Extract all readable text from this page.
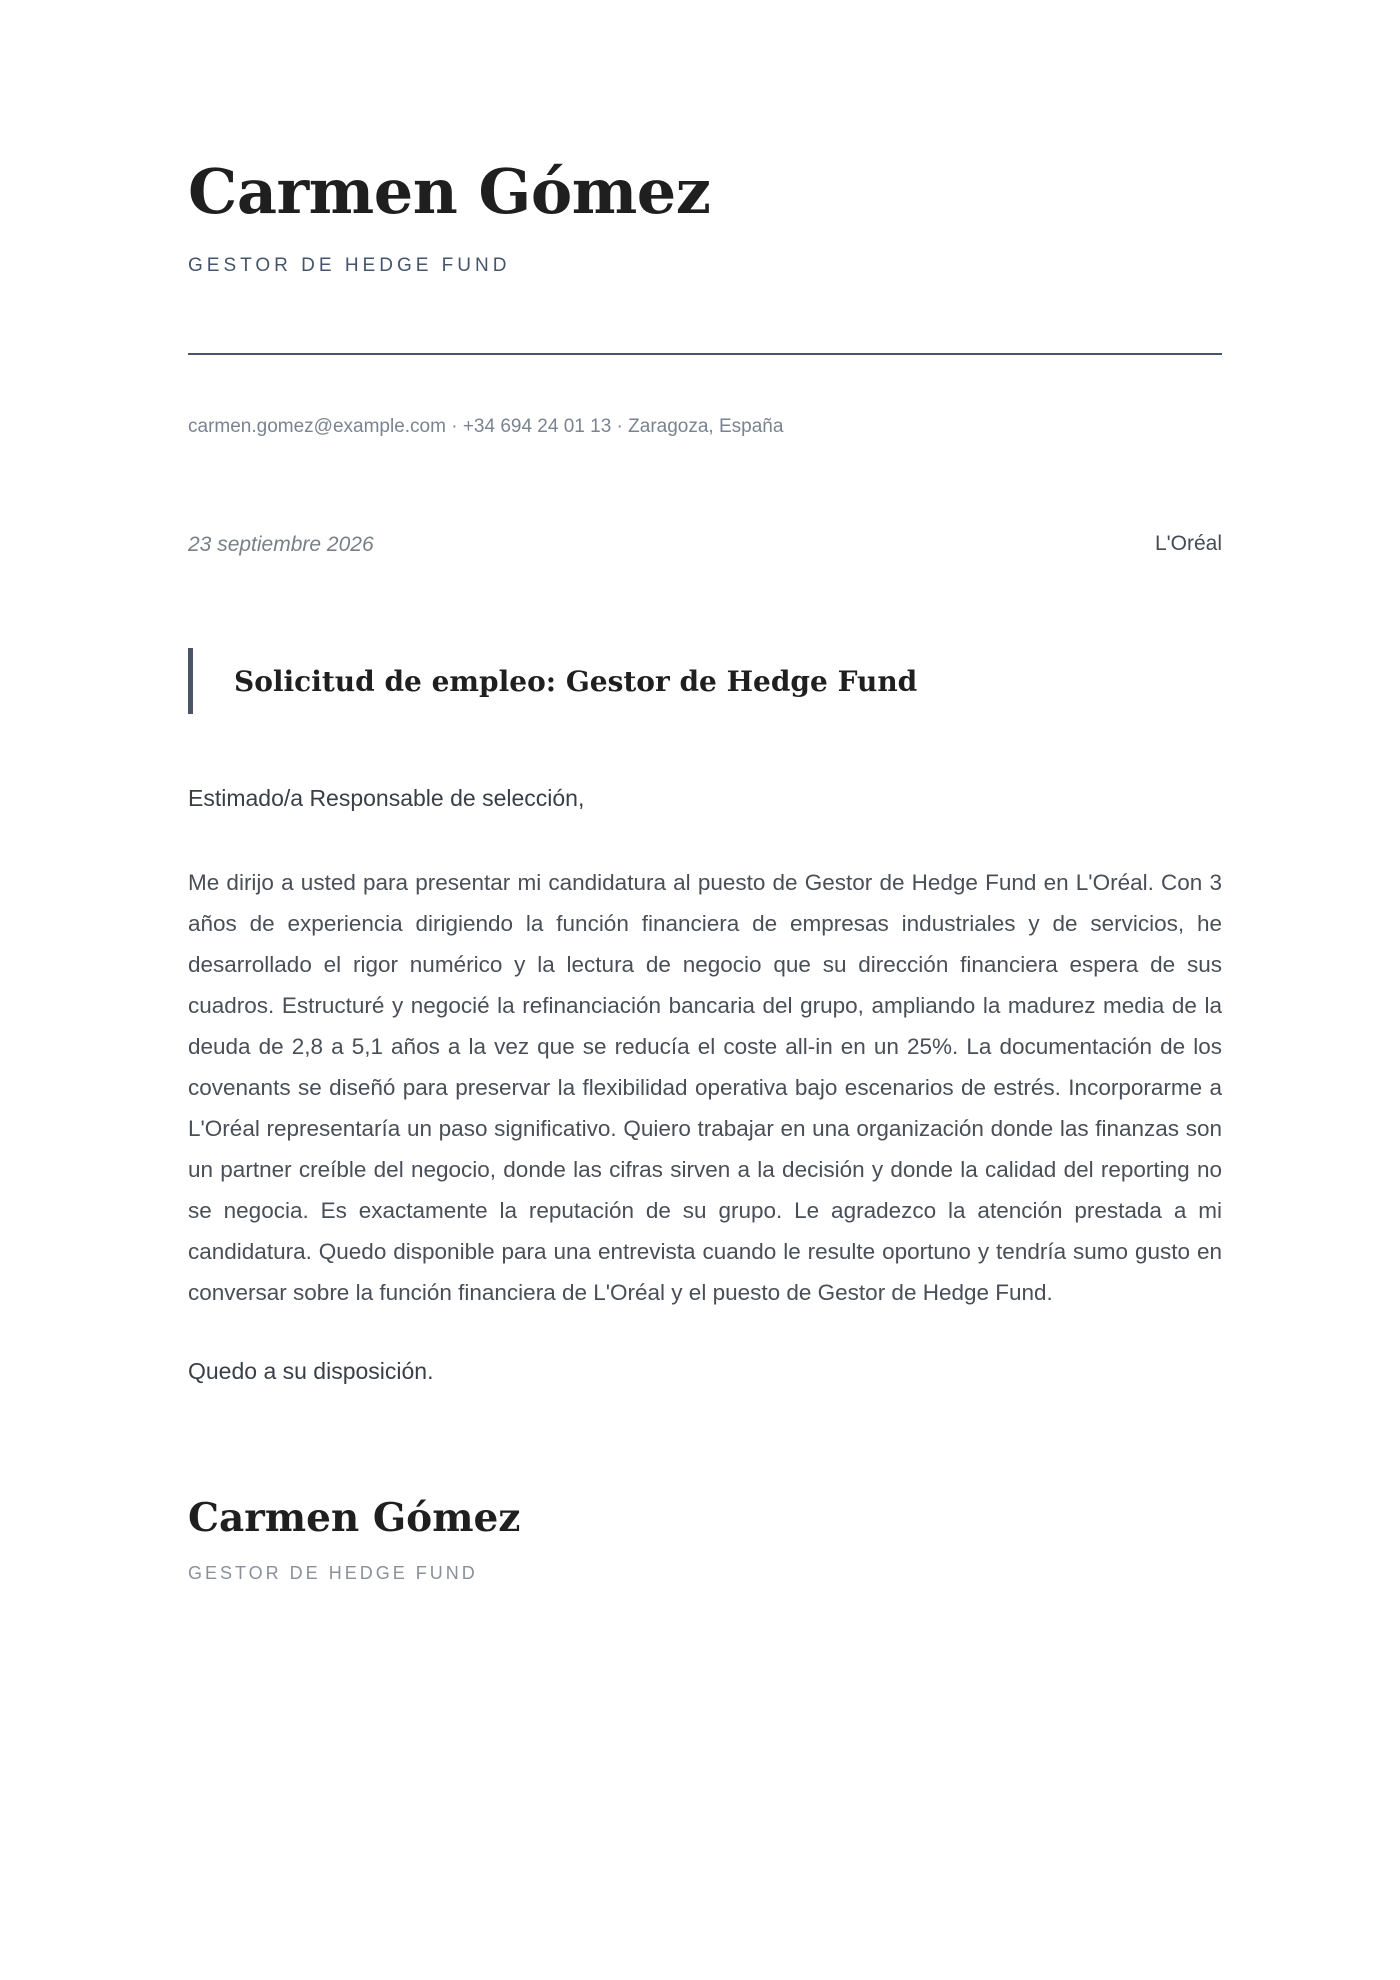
Carmen Gómez
GESTOR DE HEDGE FUND
carmen.gomez@example.com · +34 694 24 01 13 · Zaragoza, España
23 septiembre 2026	L'Oréal
Solicitud de empleo: Gestor de Hedge Fund

Estimado/a Responsable de selección,

Me dirijo a usted para presentar mi candidatura al puesto de Gestor de Hedge Fund en L'Oréal. Con 3 años de experiencia dirigiendo la función financiera de empresas industriales y de servicios, he desarrollado el rigor numérico y la lectura de negocio que su dirección financiera espera de sus cuadros. Estructuré y negocié la refinanciación bancaria del grupo, ampliando la madurez media de la deuda de 2,8 a 5,1 años a la vez que se reducía el coste all-in en un 25%. La documentación de los covenants se diseñó para preservar la flexibilidad operativa bajo escenarios de estrés. Incorporarme a L'Oréal representaría un paso significativo. Quiero trabajar en una organización donde las finanzas son un partner creíble del negocio, donde las cifras sirven a la decisión y donde la calidad del reporting no se negocia. Es exactamente la reputación de su grupo. Le agradezco la atención prestada a mi candidatura. Quedo disponible para una entrevista cuando le resulte oportuno y tendría sumo gusto en conversar sobre la función financiera de L'Oréal y el puesto de Gestor de Hedge Fund.

Quedo a su disposición.

Carmen Gómez
GESTOR DE HEDGE FUND
